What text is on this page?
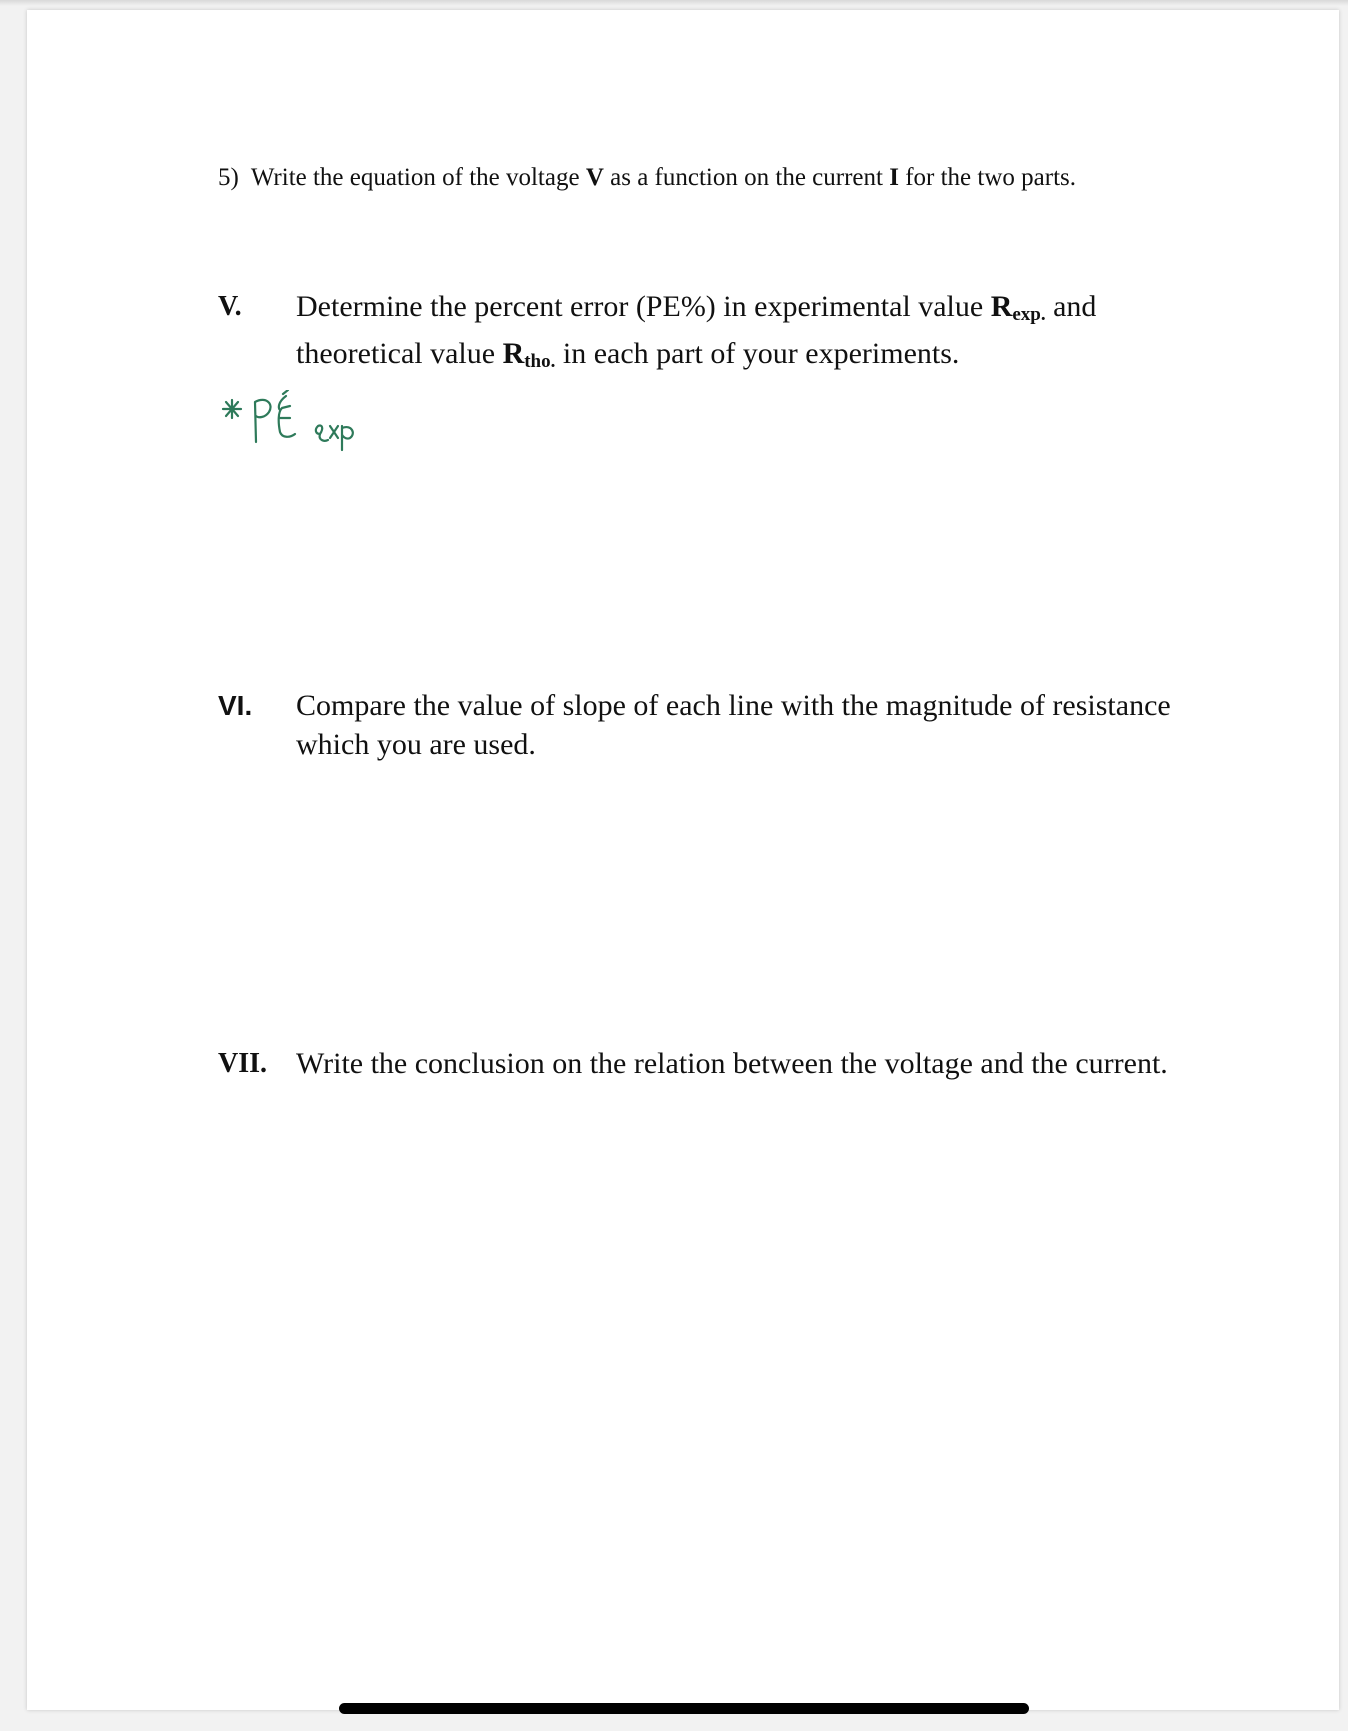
5) Write the equation of the voltage V as a function on the current I for the two parts.
V. Determine the percent error (PE%) in experimental value $R_{exp.}$ and
theoretical value $R_{tho.}$ in each part of your experiments.
VI. Compare the value of slope of each line with the magnitude of resistance which you are used.
VII. Write the conclusion on the relation between the voltage and the current.
